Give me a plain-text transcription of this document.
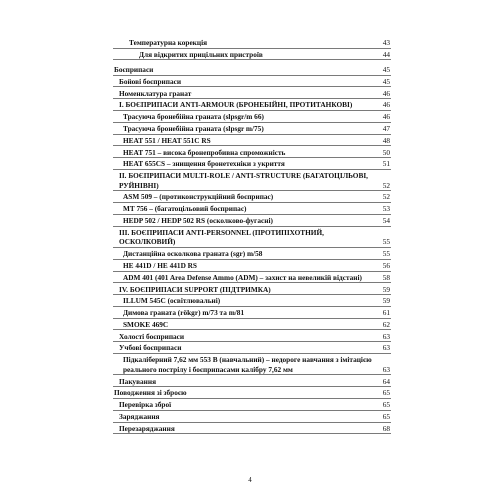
Температурна корекція	43
Для відкритих прицільних пристроїв	44
Боєприпаси	45
Бойові боєприпаси	45
Номенклатура гранат	46
I. БОЄПРИПАСИ ANTI-ARMOUR (БРОНЕБІЙНІ, ПРОТИТАНКОВІ)	46
Трасуюча бронебійна граната (slpsgr/m 66)	46
Трасуюча бронебійна граната (slpsgr m/75)	47
HEAT 551 / HEAT 551C RS	48
HEAT 751 – висока бронепробивна спроможність	50
HEAT 655CS – знищення бронетехніки з укриття	51
II. БОЄПРИПАСИ MULTI-ROLE / ANTI-STRUCTURE (БАГАТОЦІЛЬОВІ, РУЙНІВНІ)	52
ASM 509 – (протиконструкційний боєприпас)	52
MT 756 – (багатоцільовий боєприпас)	53
HEDP 502 / HEDP 502 RS (осколково-фугасні)	54
III. БОЄПРИПАСИ ANTI-PERSONNEL (ПРОТИПІХОТНИЙ, ОСКОЛКОВИЙ)	55
Дистанційна осколкова граната (sgr) m/58	55
HE 441D / HE 441D RS	56
ADM 401 (401 Area Defense Ammo (ADM) – захист на невеликій відстані)	58
IV. БОЄПРИПАСИ SUPPORT (ПІДТРИМКА)	59
ILLUM 545C (освітлювальні)	59
Димова граната (rökgr) m/73 та m/81	61
SMOKE 469C	62
Холості боєприпаси	63
Учбові боєприпаси	63
Підкаліберний 7,62 мм 553 B (навчальний) – недороге навчання з імітацією реального пострілу і боєприпасами калібру 7,62 мм	63
Пакування	64
Поводження зі зброєю	65
Перевірка зброї	65
Заряджання	65
Перезаряджання	68
4
